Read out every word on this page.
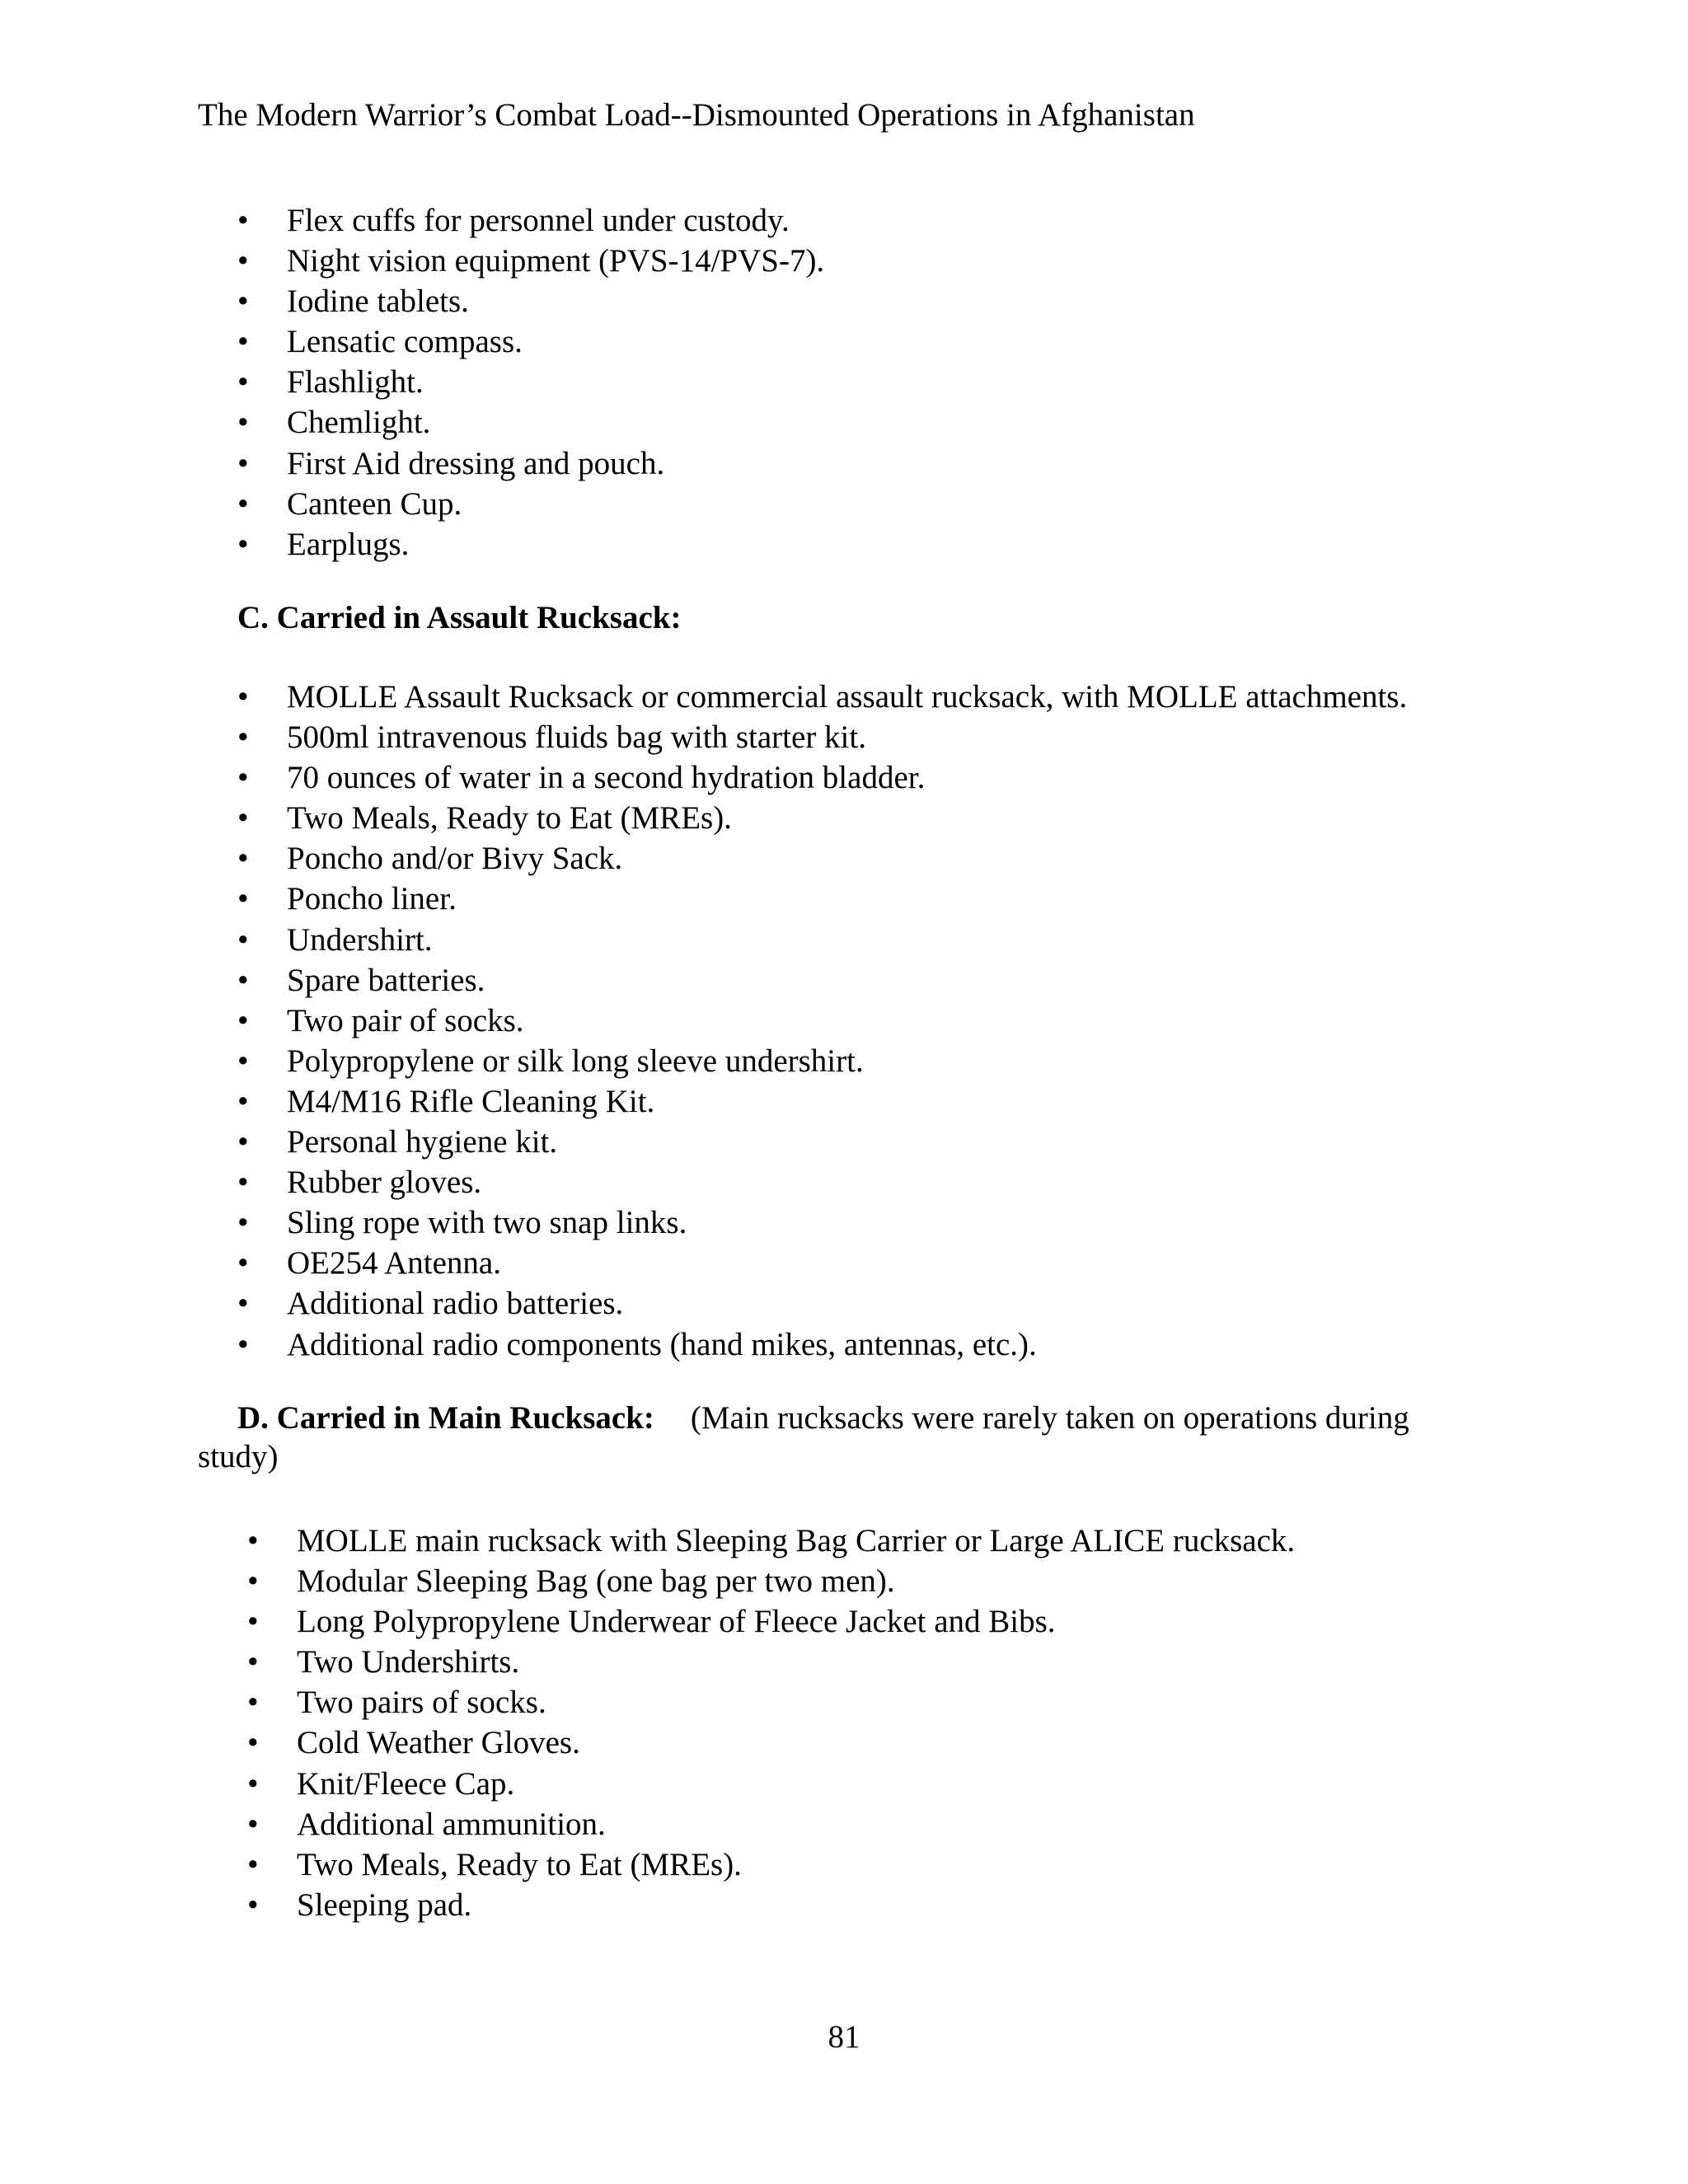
The Modern Warrior’s Combat Load--Dismounted Operations in Afghanistan
• Flex cuffs for personnel under custody.
• Night vision equipment (PVS-14/PVS-7).
• Iodine tablets.
• Lensatic compass.
• Flashlight.
• Chemlight.
• First Aid dressing and pouch.
• Canteen Cup.
• Earplugs.
C. Carried in Assault Rucksack:
• MOLLE Assault Rucksack or commercial assault rucksack, with MOLLE attachments.
• 500ml intravenous fluids bag with starter kit.
• 70 ounces of water in a second hydration bladder.
• Two Meals, Ready to Eat (MREs).
• Poncho and/or Bivy Sack.
• Poncho liner.
• Undershirt.
• Spare batteries.
• Two pair of socks.
• Polypropylene or silk long sleeve undershirt.
• M4/M16 Rifle Cleaning Kit.
• Personal hygiene kit.
• Rubber gloves.
• Sling rope with two snap links.
• OE254 Antenna.
• Additional radio batteries.
• Additional radio components (hand mikes, antennas, etc.).
D. Carried in Main Rucksack: (Main rucksacks were rarely taken on operations during
study)
• MOLLE main rucksack with Sleeping Bag Carrier or Large ALICE rucksack.
• Modular Sleeping Bag (one bag per two men).
• Long Polypropylene Underwear of Fleece Jacket and Bibs.
• Two Undershirts.
• Two pairs of socks.
• Cold Weather Gloves.
• Knit/Fleece Cap.
• Additional ammunition.
• Two Meals, Ready to Eat (MREs).
• Sleeping pad.
81
